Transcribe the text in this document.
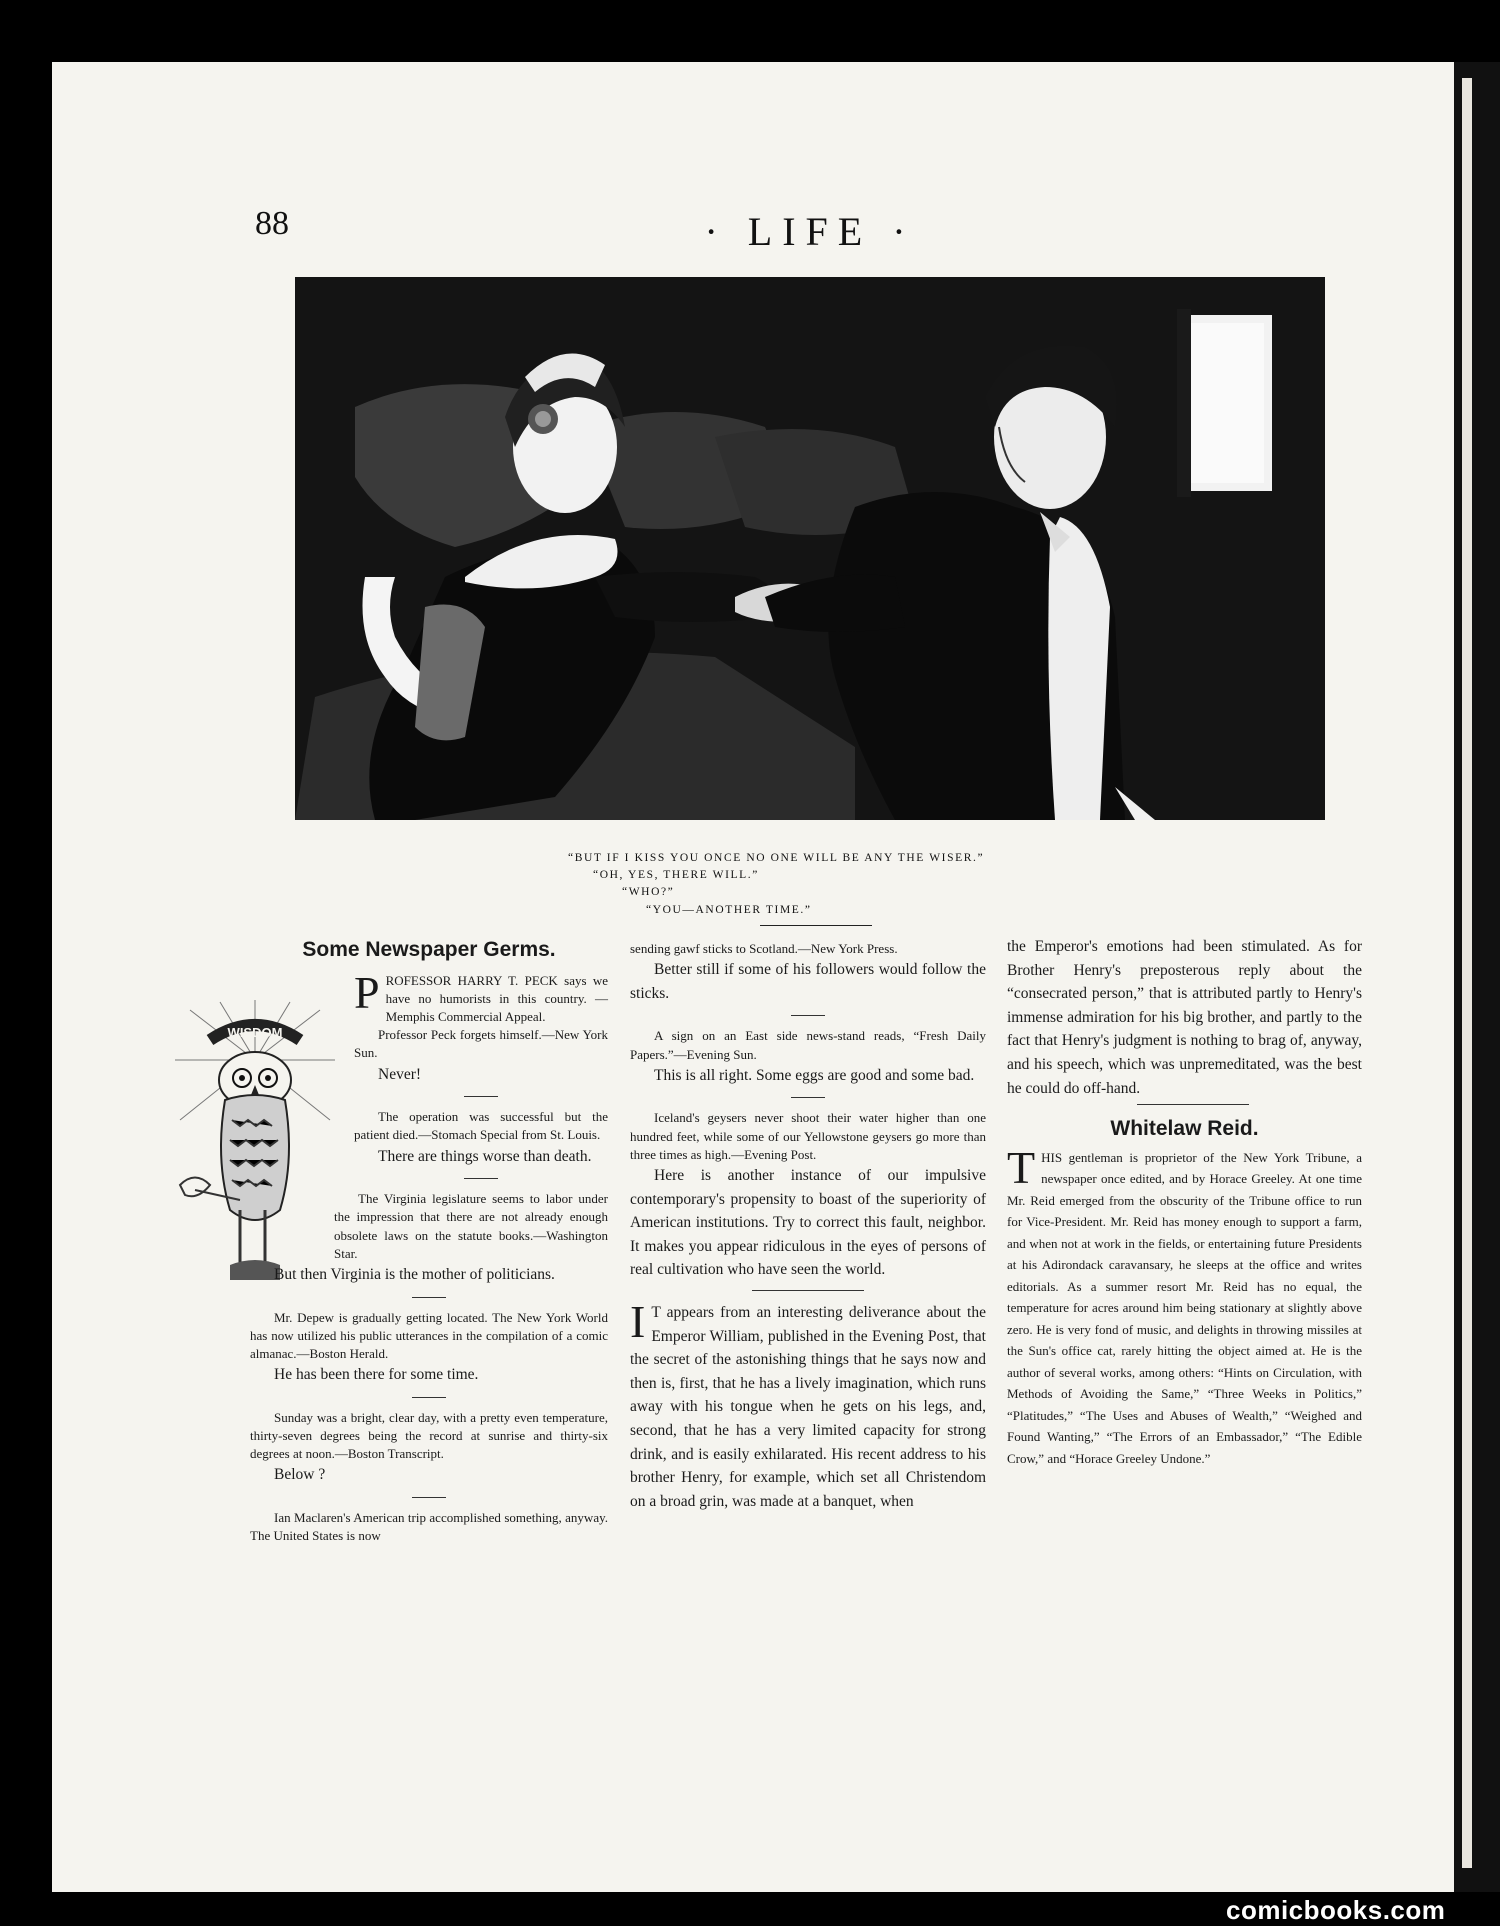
88	· LIFE ·
“BUT IF I KISS YOU ONCE NO ONE WILL BE ANY THE WISER.”
“OH, YES, THERE WILL.”
“WHO?”
“YOU—ANOTHER TIME.”
WISDOM

Some Newspaper Germs.

PROFESSOR HARRY T. PECK says we have no humorists in this country. — Memphis Commercial Appeal.

Professor Peck forgets himself.—New York Sun.

Never!

The operation was successful but the patient died.—Stomach Special from St. Louis.

There are things worse than death.

The Virginia legislature seems to labor under the impression that there are not already enough obsolete laws on the statute books.—Washington Star.

But then Virginia is the mother of politicians.

Mr. Depew is gradually getting located. The New York World has now utilized his public utterances in the compilation of a comic almanac.—Boston Herald.

He has been there for some time.

Sunday was a bright, clear day, with a pretty even temperature, thirty-seven degrees being the record at sunrise and thirty-six degrees at noon.—Boston Transcript.

Below ?

Ian Maclaren's American trip accomplished something, anyway. The United States is now

sending gawf sticks to Scotland.—New York Press.

Better still if some of his followers would follow the sticks.

A sign on an East side news-stand reads, “Fresh Daily Papers.”—Evening Sun.

This is all right. Some eggs are good and some bad.

Iceland's geysers never shoot their water higher than one hundred feet, while some of our Yellowstone geysers go more than three times as high.—Evening Post.

Here is another instance of our impulsive contemporary's propensity to boast of the superiority of American institutions. Try to correct this fault, neighbor. It makes you appear ridiculous in the eyes of persons of real cultivation who have seen the world.

I T appears from an interesting deliverance about the Emperor William, published in the Evening Post, that the secret of the astonishing things that he says now and then is, first, that he has a lively imagination, which runs away with his tongue when he gets on his legs, and, second, that he has a very limited capacity for strong drink, and is easily exhilarated. His recent address to his brother Henry, for example, which set all Christendom on a broad grin, was made at a banquet, when

the Emperor's emotions had been stimulated. As for Brother Henry's preposterous reply about the “consecrated person,” that is attributed partly to Henry's immense admiration for his big brother, and partly to the fact that Henry's judgment is nothing to brag of, anyway, and his speech, which was unpremeditated, was the best he could do off-hand.

Whitelaw Reid.

THIS gentleman is proprietor of the New York Tribune, a newspaper once edited, and by Horace Greeley. At one time Mr. Reid emerged from the obscurity of the Tribune office to run for Vice-President. Mr. Reid has money enough to support a farm, and when not at work in the fields, or entertaining future Presidents at his Adirondack caravansary, he sleeps at the office and writes editorials. As a summer resort Mr. Reid has no equal, the temperature for acres around him being stationary at slightly above zero. He is very fond of music, and delights in throwing missiles at the Sun's office cat, rarely hitting the object aimed at. He is the author of several works, among others: “Hints on Circulation, with Methods of Avoiding the Same,” “Three Weeks in Politics,” “Platitudes,” “The Uses and Abuses of Wealth,” “Weighed and Found Wanting,” “The Errors of an Embassador,” “The Edible Crow,” and “Horace Greeley Undone.”

comicbooks.com
